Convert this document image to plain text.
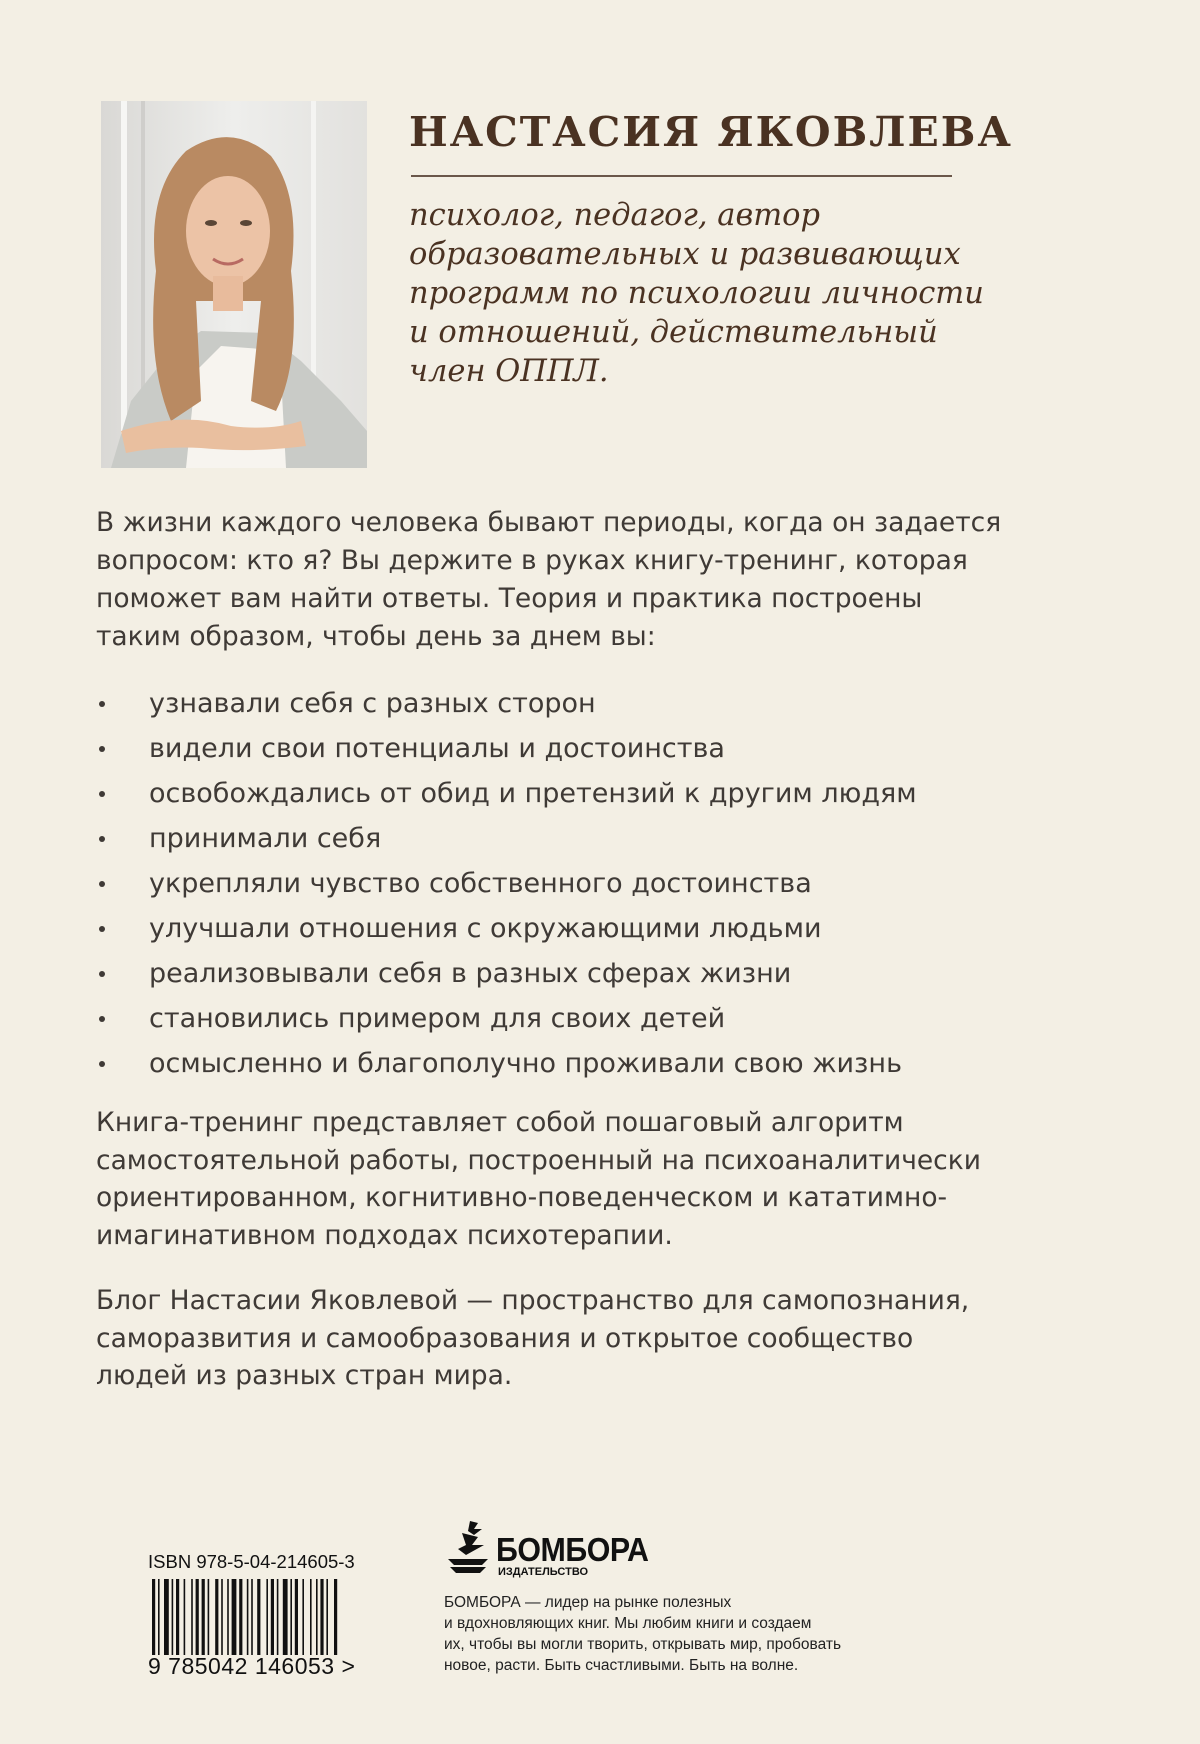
НАСТАСИЯ ЯКОВЛЕВА
психолог, педагог, автор
образовательных и развивающих
программ по психологии личности
и отношений, действительный
член ОППЛ.
В жизни каждого человека бывают периоды, когда он задается
вопросом: кто я? Вы держите в руках книгу-тренинг, которая
поможет вам найти ответы. Теория и практика построены
таким образом, чтобы день за днем вы:
узнавали себя с разных сторон
видели свои потенциалы и достоинства
освобождались от обид и претензий к другим людям
принимали себя
укрепляли чувство собственного достоинства
улучшали отношения с окружающими людьми
реализовывали себя в разных сферах жизни
становились примером для своих детей
осмысленно и благополучно проживали свою жизнь
Книга-тренинг представляет собой пошаговый алгоритм
самостоятельной работы, построенный на психоаналитически
ориентированном, когнитивно-поведенческом и кататимно-
имагинативном подходах психотерапии.
Блог Настасии Яковлевой — пространство для самопознания,
саморазвития и самообразования и открытое сообщество
людей из разных стран мира.
ISBN 978-5-04-214605-3
9 785042 146053 >
БОМБОРА
ИЗДАТЕЛЬСТВО
БОМБОРА — лидер на рынке полезных
и вдохновляющих книг. Мы любим книги и создаем
их, чтобы вы могли творить, открывать мир, пробовать
новое, расти. Быть счастливыми. Быть на волне.
